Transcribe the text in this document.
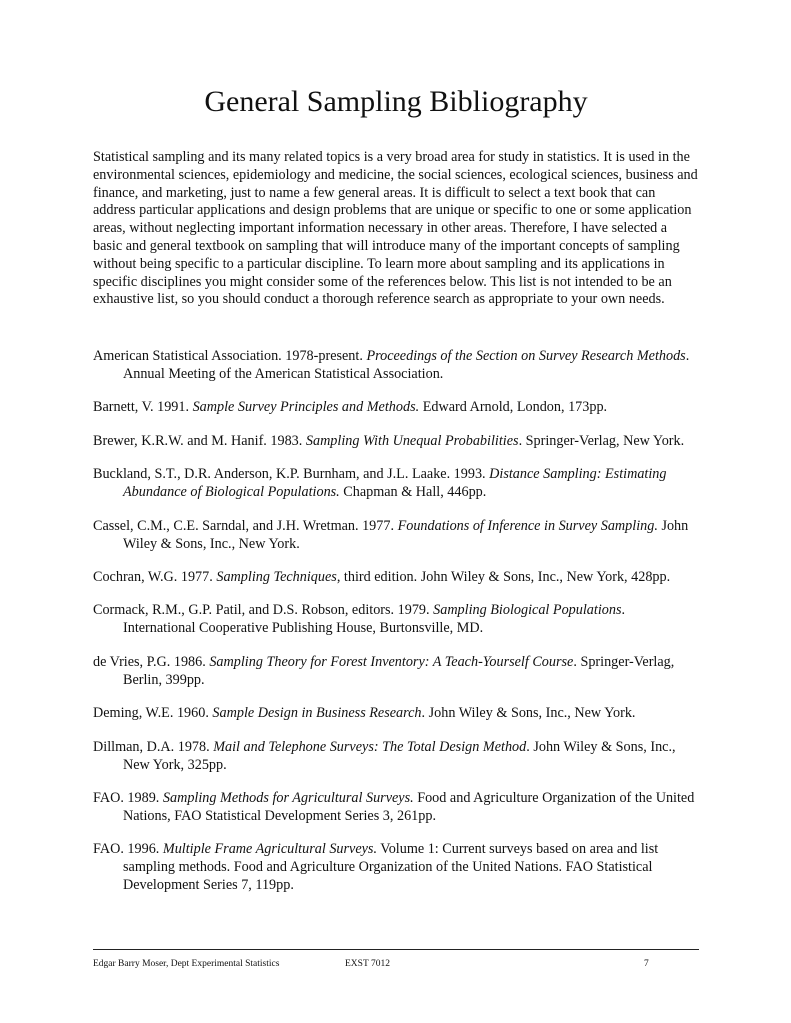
General Sampling Bibliography

Statistical sampling and its many related topics is a very broad area for study in statistics. It is used in the environmental sciences, epidemiology and medicine, the social sciences, ecological sciences, business and finance, and marketing, just to name a few general areas. It is difficult to select a text book that can address particular applications and design problems that are unique or specific to one or some application areas, without neglecting important information necessary in other areas. Therefore, I have selected a basic and general textbook on sampling that will introduce many of the important concepts of sampling without being specific to a particular discipline. To learn more about sampling and its applications in specific disciplines you might consider some of the references below. This list is not intended to be an exhaustive list, so you should conduct a thorough reference search as appropriate to your own needs.

American Statistical Association. 1978-present. Proceedings of the Section on Survey Research Methods. Annual Meeting of the American Statistical Association.
Barnett, V. 1991. Sample Survey Principles and Methods. Edward Arnold, London, 173pp.
Brewer, K.R.W. and M. Hanif. 1983. Sampling With Unequal Probabilities. Springer-Verlag, New York.
Buckland, S.T., D.R. Anderson, K.P. Burnham, and J.L. Laake. 1993. Distance Sampling: Estimating Abundance of Biological Populations. Chapman & Hall, 446pp.
Cassel, C.M., C.E. Sarndal, and J.H. Wretman. 1977. Foundations of Inference in Survey Sampling. John Wiley & Sons, Inc., New York.
Cochran, W.G. 1977. Sampling Techniques, third edition. John Wiley & Sons, Inc., New York, 428pp.
Cormack, R.M., G.P. Patil, and D.S. Robson, editors. 1979. Sampling Biological Populations. International Cooperative Publishing House, Burtonsville, MD.
de Vries, P.G. 1986. Sampling Theory for Forest Inventory: A Teach-Yourself Course. Springer-Verlag, Berlin, 399pp.
Deming, W.E. 1960. Sample Design in Business Research. John Wiley & Sons, Inc., New York.
Dillman, D.A. 1978. Mail and Telephone Surveys: The Total Design Method. John Wiley & Sons, Inc., New York, 325pp.
FAO. 1989. Sampling Methods for Agricultural Surveys. Food and Agriculture Organization of the United Nations, FAO Statistical Development Series 3, 261pp.
FAO. 1996. Multiple Frame Agricultural Surveys. Volume 1: Current surveys based on area and list sampling methods. Food and Agriculture Organization of the United Nations. FAO Statistical Development Series 7, 119pp.
Edgar Barry Moser, Dept Experimental Statistics	EXST 7012	7
